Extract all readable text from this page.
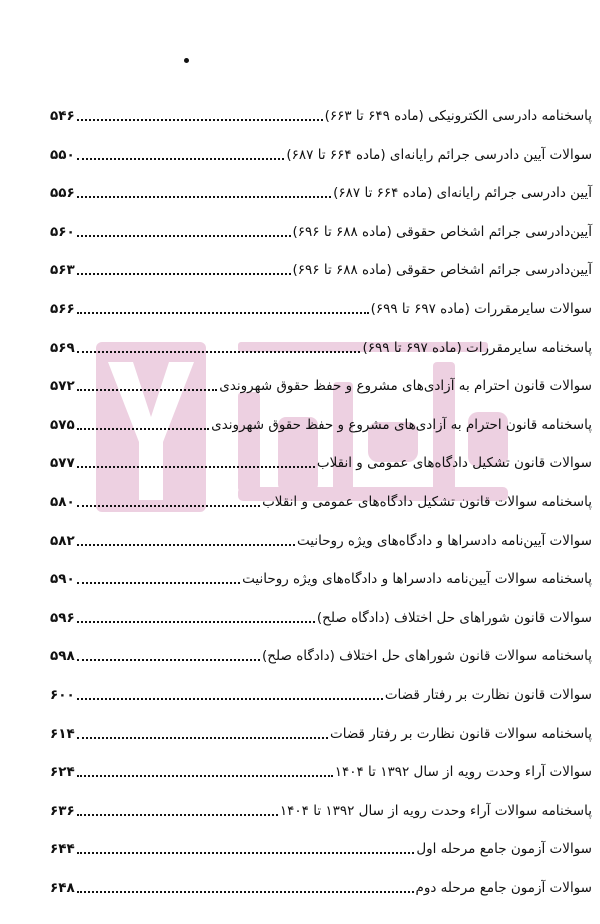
پاسخنامه دادرسی الکترونیکی (ماده ۶۴۹ تا ۶۶۳)
۵۴۶
سوالات آیین دادرسی جرائم رایانه‌ای (ماده ۶۶۴ تا ۶۸۷)
۵۵۰
آیین دادرسی جرائم رایانه‌ای (ماده ۶۶۴ تا ۶۸۷)
۵۵۶
آیین‌دادرسی جرائم اشخاص حقوقی (ماده ۶۸۸ تا ۶۹۶)
۵۶۰
آیین‌دادرسی جرائم اشخاص حقوقی (ماده ۶۸۸ تا ۶۹۶)
۵۶۳
سوالات سایرمقررات (ماده ۶۹۷ تا ۶۹۹)
۵۶۶
پاسخنامه سایرمقررات (ماده ۶۹۷ تا ۶۹۹)
۵۶۹
سوالات قانون احترام به آزادی‌های مشروع و حفظ حقوق شهروندی
۵۷۲
پاسخنامه قانون احترام به آزادی‌های مشروع و حفظ حقوق شهروندی
۵۷۵
سوالات قانون تشکیل دادگاه‌های عمومی و انقلاب
۵۷۷
پاسخنامه سوالات قانون تشکیل دادگاه‌های عمومی و انقلاب
۵۸۰
سوالات آیین‌نامه دادسراها و دادگاه‌های ویژه روحانیت
۵۸۲
پاسخنامه سوالات آیین‌نامه دادسراها و دادگاه‌های ویژه روحانیت
۵۹۰
سوالات قانون شوراهای حل اختلاف (دادگاه صلح)
۵۹۶
پاسخنامه سوالات قانون شوراهای حل اختلاف (دادگاه صلح)
۵۹۸
سوالات قانون نظارت بر رفتار قضات
۶۰۰
پاسخنامه سوالات قانون نظارت بر رفتار قضات
۶۱۴
سوالات آراء وحدت رویه از سال ۱۳۹۲ تا ۱۴۰۴
۶۲۴
پاسخنامه سوالات آراء وحدت رویه از سال ۱۳۹۲ تا ۱۴۰۴
۶۳۶
سوالات آزمون جامع مرحله اول
۶۴۴
سوالات آزمون جامع مرحله دوم
۶۴۸
